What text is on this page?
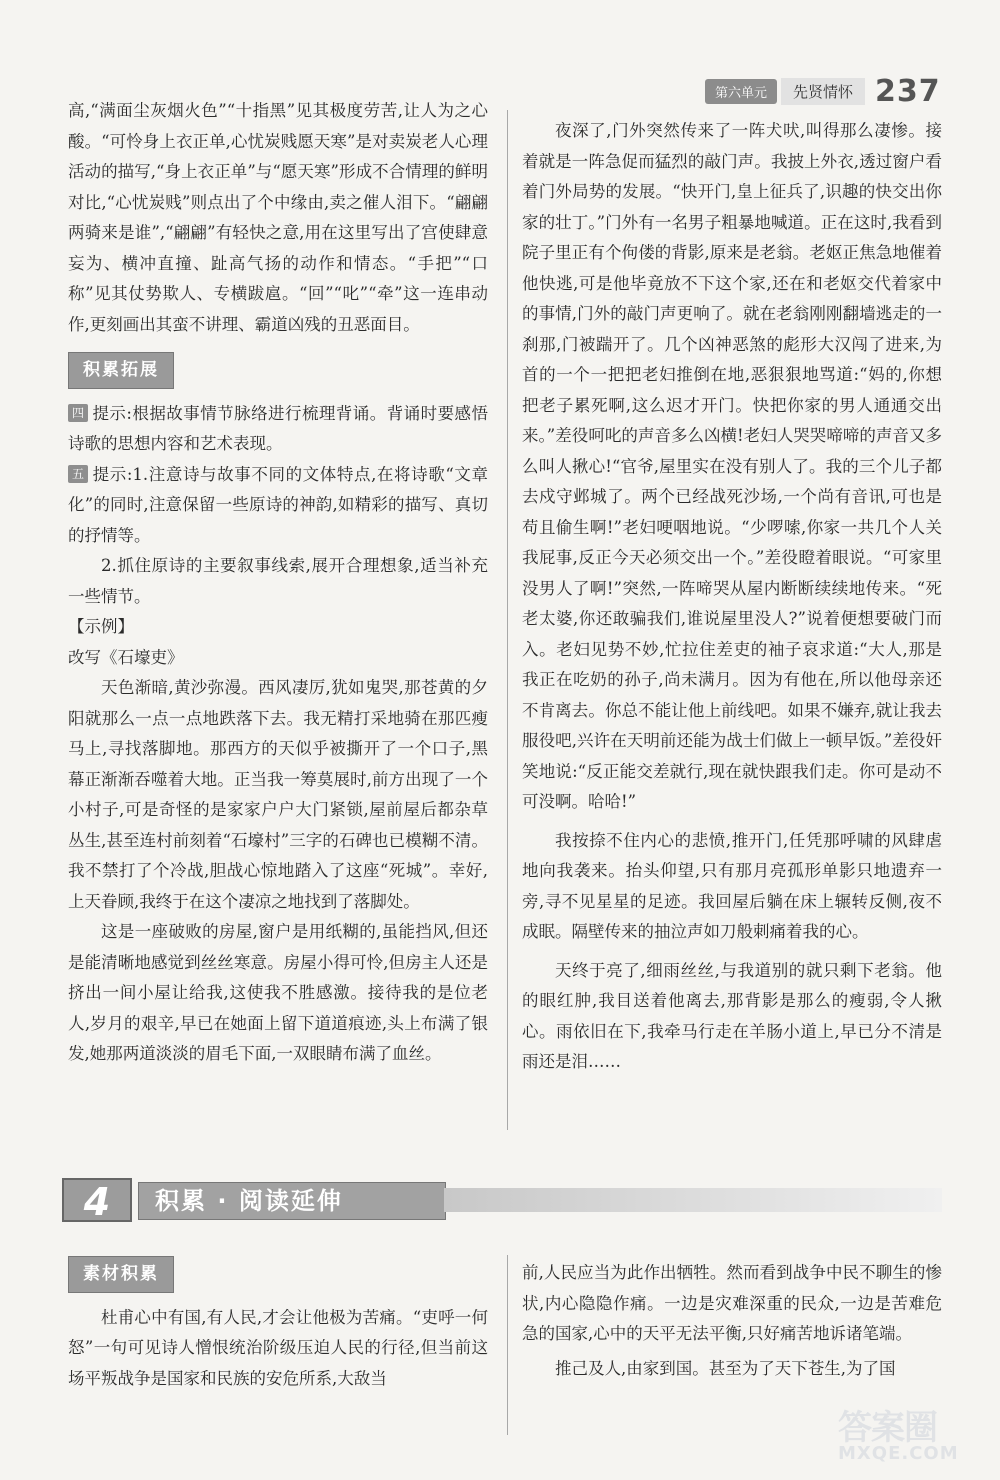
第六单元	先贤情怀 237

高,“满面尘灰烟火色”“十指黑”见其极度劳苦,让人为之心酸。“可怜身上衣正单,心忧炭贱愿天寒”是对卖炭老人心理活动的描写,“身上衣正单”与“愿天寒”形成不合情理的鲜明对比,“心忧炭贱”则点出了个中缘由,卖之催人泪下。“翩翩两骑来是谁”,“翩翩”有轻快之意,用在这里写出了宫使肆意妄为、横冲直撞、趾高气扬的动作和情态。“手把”“口称”见其仗势欺人、专横跋扈。“回”“叱”“牵”这一连串动作,更刻画出其蛮不讲理、霸道凶残的丑恶面目。

积累拓展

四 提示:根据故事情节脉络进行梳理背诵。背诵时要感悟诗歌的思想内容和艺术表现。

五 提示:1.注意诗与故事不同的文体特点,在将诗歌“文章化”的同时,注意保留一些原诗的神韵,如精彩的描写、真切的抒情等。

2.抓住原诗的主要叙事线索,展开合理想象,适当补充一些情节。

【示例】

改写《石壕吏》

天色渐暗,黄沙弥漫。西风凄厉,犹如鬼哭,那苍黄的夕阳就那么一点一点地跌落下去。我无精打采地骑在那匹瘦马上,寻找落脚地。那西方的天似乎被撕开了一个口子,黑幕正渐渐吞噬着大地。正当我一筹莫展时,前方出现了一个小村子,可是奇怪的是家家户户大门紧锁,屋前屋后都杂草丛生,甚至连村前刻着“石壕村”三字的石碑也已模糊不清。我不禁打了个冷战,胆战心惊地踏入了这座“死城”。幸好,上天眷顾,我终于在这个凄凉之地找到了落脚处。

这是一座破败的房屋,窗户是用纸糊的,虽能挡风,但还是能清晰地感觉到丝丝寒意。房屋小得可怜,但房主人还是挤出一间小屋让给我,这使我不胜感激。接待我的是位老人,岁月的艰辛,早已在她面上留下道道痕迹,头上布满了银发,她那两道淡淡的眉毛下面,一双眼睛布满了血丝。

夜深了,门外突然传来了一阵犬吠,叫得那么凄惨。接着就是一阵急促而猛烈的敲门声。我披上外衣,透过窗户看着门外局势的发展。“快开门,皇上征兵了,识趣的快交出你家的壮丁。”门外有一名男子粗暴地喊道。正在这时,我看到院子里正有个佝偻的背影,原来是老翁。老妪正焦急地催着他快逃,可是他毕竟放不下这个家,还在和老妪交代着家中的事情,门外的敲门声更响了。就在老翁刚刚翻墙逃走的一刹那,门被踹开了。几个凶神恶煞的彪形大汉闯了进来,为首的一个一把把老妇推倒在地,恶狠狠地骂道:“妈的,你想把老子累死啊,这么迟才开门。快把你家的男人通通交出来。”差役呵叱的声音多么凶横!老妇人哭哭啼啼的声音又多么叫人揪心!“官爷,屋里实在没有别人了。我的三个儿子都去戍守邺城了。两个已经战死沙场,一个尚有音讯,可也是苟且偷生啊!”老妇哽咽地说。“少啰嗦,你家一共几个人关我屁事,反正今天必须交出一个。”差役瞪着眼说。“可家里没男人了啊!”突然,一阵啼哭从屋内断断续续地传来。“死老太婆,你还敢骗我们,谁说屋里没人?”说着便想要破门而入。老妇见势不妙,忙拉住差吏的袖子哀求道:“大人,那是我正在吃奶的孙子,尚未满月。因为有他在,所以他母亲还不肯离去。你总不能让他上前线吧。如果不嫌弃,就让我去服役吧,兴许在天明前还能为战士们做上一顿早饭。”差役奸笑地说:“反正能交差就行,现在就快跟我们走。你可是动不可没啊。哈哈!”

我按捺不住内心的悲愤,推开门,任凭那呼啸的风肆虐地向我袭来。抬头仰望,只有那月亮孤形单影只地遗弃一旁,寻不见星星的足迹。我回屋后躺在床上辗转反侧,夜不成眠。隔壁传来的抽泣声如刀般刺痛着我的心。

天终于亮了,细雨丝丝,与我道别的就只剩下老翁。他的眼红肿,我目送着他离去,那背影是那么的瘦弱,令人揪心。雨依旧在下,我牵马行走在羊肠小道上,早已分不清是雨还是泪……

4	积累 · 阅读延伸
素材积累

杜甫心中有国,有人民,才会让他极为苦痛。“吏呼一何怒”一句可见诗人憎恨统治阶级压迫人民的行径,但当前这场平叛战争是国家和民族的安危所系,大敌当

前,人民应当为此作出牺牲。然而看到战争中民不聊生的惨状,内心隐隐作痛。一边是灾难深重的民众,一边是苦难危急的国家,心中的天平无法平衡,只好痛苦地诉诸笔端。

推己及人,由家到国。甚至为了天下苍生,为了国

答案圈
MXQE.COM
